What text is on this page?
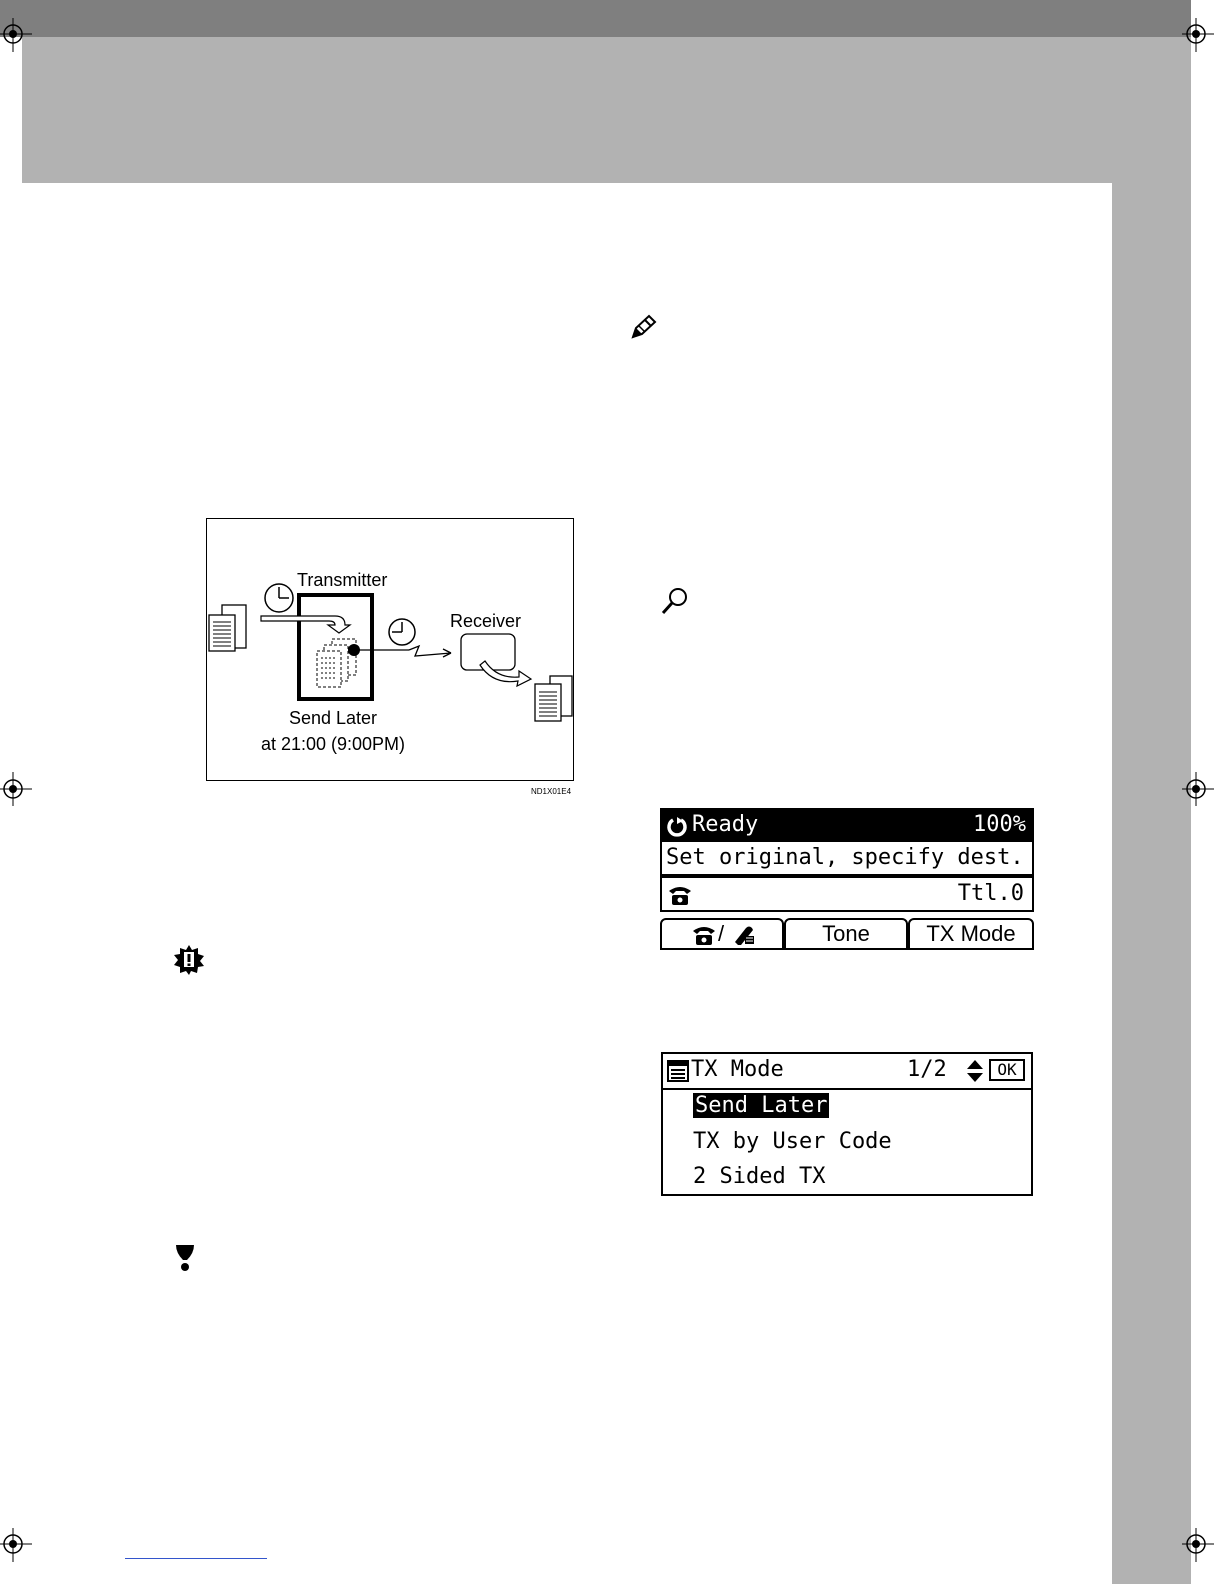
Transmitter
Receiver
Send Later
at 21:00 (9:00PM)
ND1X01E4
Ready	100%
Set original, specify dest.
Ttl.0
/	Tone	TX Mode
TX Mode	1/2	OK
Send Later
TX by User Code
2 Sided TX
